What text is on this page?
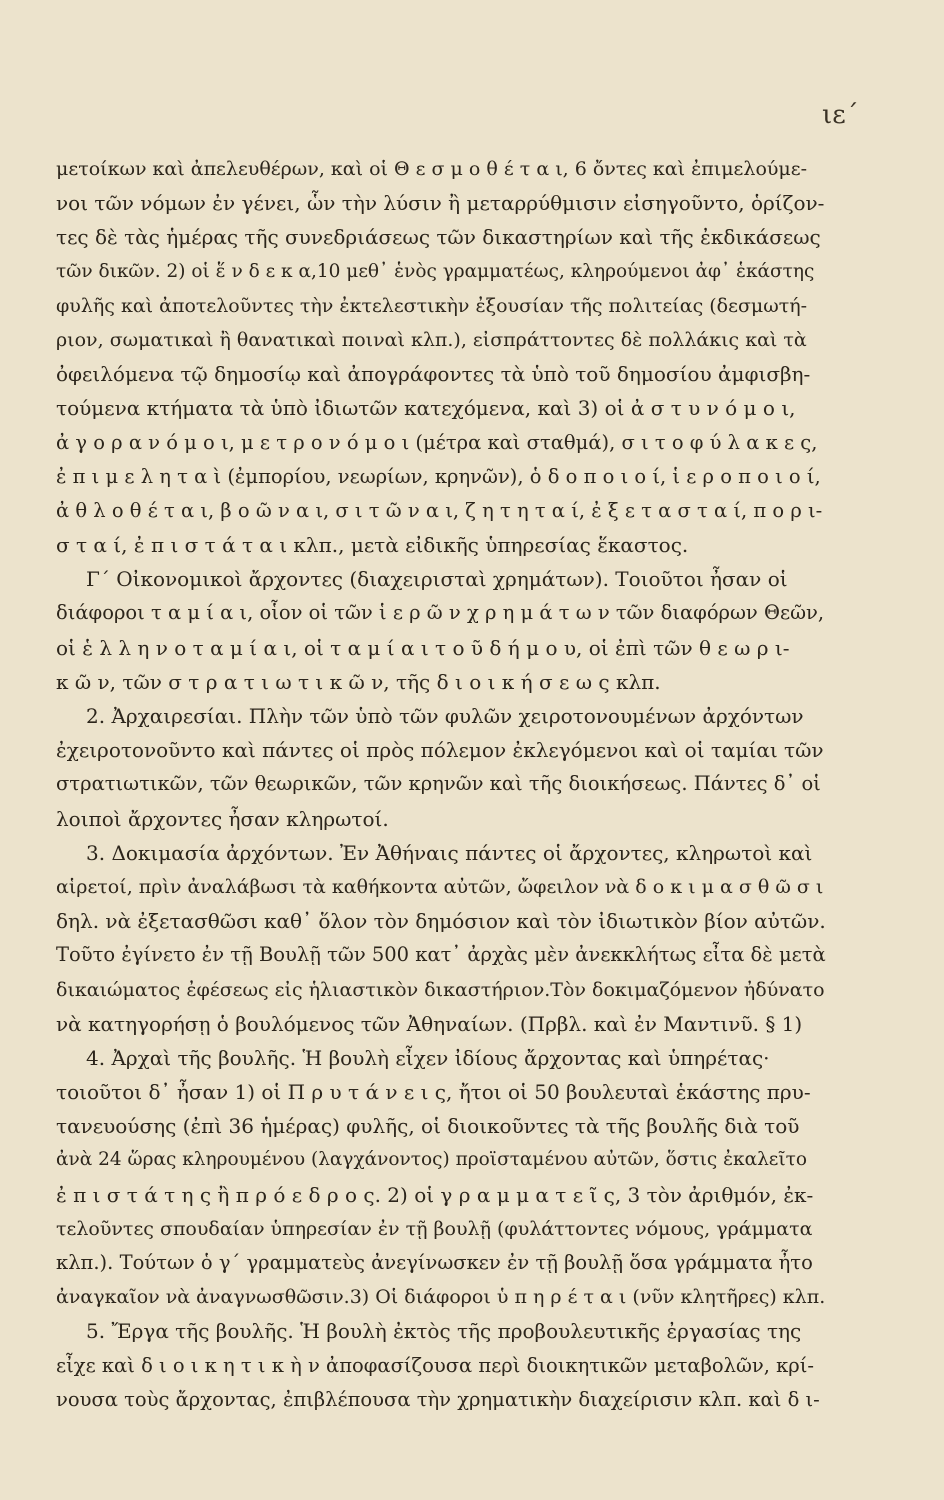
ιε΄
μετοίκων καὶ ἀπελευθέρων, καὶ οἱ Θ ε σ μ ο θ έ τ α ι, 6 ὄντες καὶ ἐπιμελούμε-
νοι τῶν νόμων ἐν γένει, ὧν τὴν λύσιν ἢ μεταρρύθμισιν εἰσηγοῦντο, ὁρίζον-
τες δὲ τὰς ἡμέρας τῆς συνεδριάσεως τῶν δικαστηρίων καὶ τῆς ἐκδικάσεως
τῶν δικῶν. 2) οἱ ἕ ν δ ε κ α,10 μεθ᾿ ἑνὸς γραμματέως, κληρούμενοι ἀφ᾿ ἑκάστης
φυλῆς καὶ ἀποτελοῦντες τὴν ἐκτελεστικὴν ἐξουσίαν τῆς πολιτείας (δεσμωτή-
ριον, σωματικαὶ ἢ θανατικαὶ ποιναὶ κλπ.), εἰσπράττοντες δὲ πολλάκις καὶ τὰ
ὀφειλόμενα τῷ δημοσίῳ καὶ ἀπογράφοντες τὰ ὑπὸ τοῦ δημοσίου ἀμφισβη-
τούμενα κτήματα τὰ ὑπὸ ἰδιωτῶν κατεχόμενα, καὶ 3) οἱ ἀ σ τ υ ν ό μ ο ι,
ἀ γ ο ρ α ν ό μ ο ι, μ ε τ ρ ο ν ό μ ο ι (μέτρα καὶ σταθμά), σ ι τ ο φ ύ λ α κ ε ς,
ἐ π ι μ ε λ η τ α ὶ (ἐμπορίου, νεωρίων, κρηνῶν), ὁ δ ο π ο ι ο ί, ἱ ε ρ ο π ο ι ο ί,
ἀ θ λ ο θ έ τ α ι, β ο ῶ ν α ι, σ ι τ ῶ ν α ι, ζ η τ η τ α ί, ἐ ξ ε τ α σ τ α ί, π ο ρ ι-
σ τ α ί, ἐ π ι σ τ ά τ α ι κλπ., μετὰ εἰδικῆς ὑπηρεσίας ἕκαστος.
Γ΄ Οἰκονομικοὶ ἄρχοντες (διαχειρισταὶ χρημάτων). Τοιοῦτοι ἦσαν οἱ
διάφοροι τ α μ ί α ι, οἷον οἱ τῶν ἱ ε ρ ῶ ν χ ρ η μ ά τ ω ν τῶν διαφόρων Θεῶν,
οἱ ἑ λ λ η ν ο τ α μ ί α ι, οἱ τ α μ ί α ι τ ο ῦ δ ή μ ο υ, οἱ ἐπὶ τῶν θ ε ω ρ ι-
κ ῶ ν, τῶν σ τ ρ α τ ι ω τ ι κ ῶ ν, τῆς δ ι ο ι κ ή σ ε ω ς κλπ.
2. Ἀρχαιρεσίαι. Πλὴν τῶν ὑπὸ τῶν φυλῶν χειροτονουμένων ἀρχόντων
ἐχειροτονοῦντο καὶ πάντες οἱ πρὸς πόλεμον ἐκλεγόμενοι καὶ οἱ ταμίαι τῶν
στρατιωτικῶν, τῶν θεωρικῶν, τῶν κρηνῶν καὶ τῆς διοικήσεως. Πάντες δ᾿ οἱ
λοιποὶ ἄρχοντες ἦσαν κληρωτοί.
3. Δοκιμασία ἀρχόντων. Ἐν Ἀθήναις πάντες οἱ ἄρχοντες, κληρωτοὶ καὶ
αἱρετοί, πρὶν ἀναλάβωσι τὰ καθήκοντα αὐτῶν, ὤφειλον νὰ δ ο κ ι μ α σ θ ῶ σ ι
δηλ. νὰ ἐξετασθῶσι καθ᾿ ὅλον τὸν δημόσιον καὶ τὸν ἰδιωτικὸν βίον αὐτῶν.
Τοῦτο ἐγίνετο ἐν τῇ Βουλῇ τῶν 500 κατ᾿ ἀρχὰς μὲν ἀνεκκλήτως εἶτα δὲ μετὰ
δικαιώματος ἐφέσεως εἰς ἡλιαστικὸν δικαστήριον.Τὸν δοκιμαζόμενον ἠδύνατο
νὰ κατηγορήσῃ ὁ βουλόμενος τῶν Ἀθηναίων. (Πρβλ. καὶ ἐν Μαντινῦ. § 1)
4. Ἀρχαὶ τῆς βουλῆς. Ἡ βουλὴ εἶχεν ἰδίους ἄρχοντας καὶ ὑπηρέτας·
τοιοῦτοι δ᾿ ἦσαν 1) οἱ Π ρ υ τ ά ν ε ι ς, ἤτοι οἱ 50 βουλευταὶ ἑκάστης πρυ-
τανευούσης (ἐπὶ 36 ἡμέρας) φυλῆς, οἱ διοικοῦντες τὰ τῆς βουλῆς διὰ τοῦ
ἀνὰ 24 ὥρας κληρουμένου (λαγχάνοντος) προϊσταμένου αὐτῶν, ὅστις ἐκαλεῖτο
ἐ π ι σ τ ά τ η ς ἢ π ρ ό ε δ ρ ο ς. 2) οἱ γ ρ α μ μ α τ ε ῖ ς, 3 τὸν ἀριθμόν, ἐκ-
τελοῦντες σπουδαίαν ὑπηρεσίαν ἐν τῇ βουλῇ (φυλάττοντες νόμους, γράμματα
κλπ.). Τούτων ὁ γ΄ γραμματεὺς ἀνεγίνωσκεν ἐν τῇ βουλῇ ὅσα γράμματα ἦτο
ἀναγκαῖον νὰ ἀναγνωσθῶσιν.3) Οἱ διάφοροι ὑ π η ρ έ τ α ι (νῦν κλητῆρες) κλπ.
5. Ἔργα τῆς βουλῆς. Ἡ βουλὴ ἐκτὸς τῆς προβουλευτικῆς ἐργασίας της
εἶχε καὶ δ ι ο ι κ η τ ι κ ὴ ν ἀποφασίζουσα περὶ διοικητικῶν μεταβολῶν, κρί-
νουσα τοὺς ἄρχοντας, ἐπιβλέπουσα τὴν χρηματικὴν διαχείρισιν κλπ. καὶ δ ι-
